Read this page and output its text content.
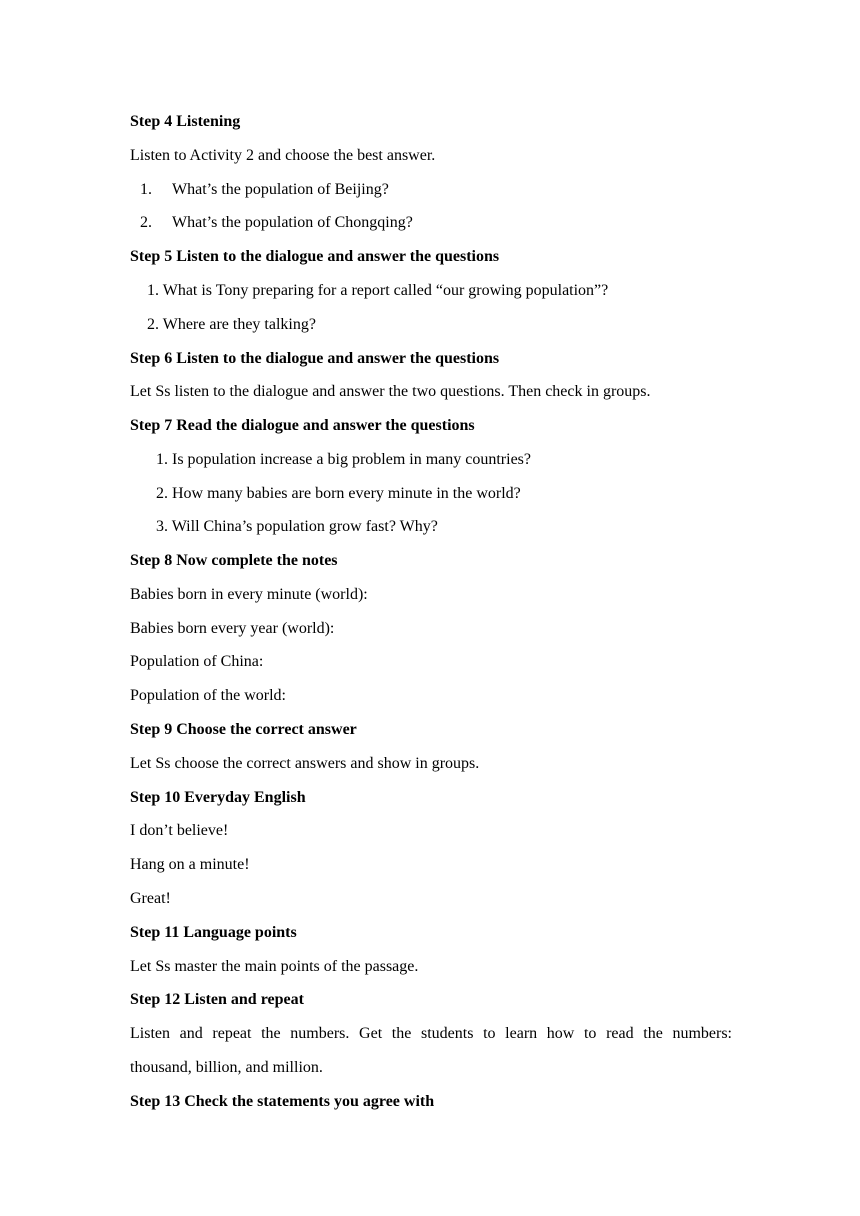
Step 4 Listening
Listen to Activity 2 and choose the best answer.
1. What’s the population of Beijing?
2. What’s the population of Chongqing?
Step 5 Listen to the dialogue and answer the questions
1. What is Tony preparing for a report called “our growing population”?
2. Where are they talking?
Step 6 Listen to the dialogue and answer the questions
Let Ss listen to the dialogue and answer the two questions. Then check in groups.
Step 7 Read the dialogue and answer the questions
1. Is population increase a big problem in many countries?
2. How many babies are born every minute in the world?
3. Will China’s population grow fast? Why?
Step 8 Now complete the notes
Babies born in every minute (world):
Babies born every year (world):
Population of China:
Population of the world:
Step 9 Choose the correct answer
Let Ss choose the correct answers and show in groups.
Step 10 Everyday English
I don’t believe!
Hang on a minute!
Great!
Step 11 Language points
Let Ss master the main points of the passage.
Step 12 Listen and repeat
Listen and repeat the numbers. Get the students to learn how to read the numbers:
thousand, billion, and million.
Step 13 Check the statements you agree with
